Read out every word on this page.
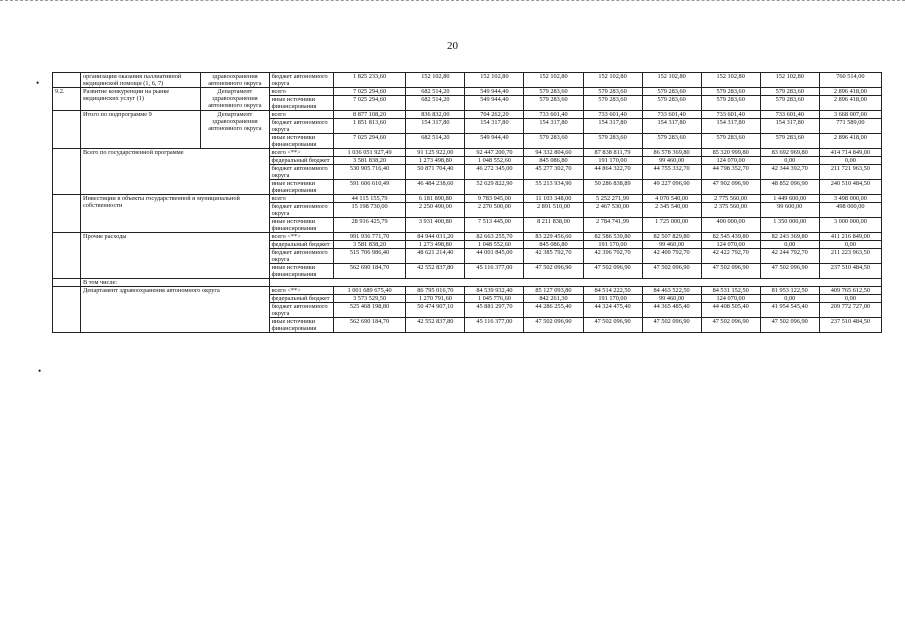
20
•
•
	организации оказания паллиативной медицинской помощи (1, 6, 7)	здравоохранения автономного округа	бюджет автономного округа	1 825 233,60	152 102,80	152 102,80	152 102,80	152 102,80	152 102,80	152 102,80	152 102,80	760 514,00
9.2.	Развитие конкуренции на рынке медицинских услуг (1)	Департамент здравоохранения автономного округа	всего	7 025 294,60	682 514,20	549 944,40	579 283,60	579 283,60	579 283,60	579 283,60	579 283,60	2 896 418,00
			иные источники финансирования	7 025 294,60	682 514,20	549 944,40	579 283,60	579 283,60	579 283,60	579 283,60	579 283,60	2 896 418,00
	Итого по подпрограмме 9	Департамент здравоохранения автономного округа	всего	8 877 108,20	836 832,00	704 262,20	733 601,40	733 601,40	733 601,40	733 601,40	733 601,40	3 668 007,00
			бюджет автономного округа	1 851 813,60	154 317,80	154 317,80	154 317,80	154 317,80	154 317,80	154 317,80	154 317,80	771 589,00
			иные источники финансирования	7 025 294,60	682 514,20	549 944,40	579 283,60	579 283,60	579 283,60	579 283,60	579 283,60	2 896 418,00
	Всего по государственной программе		всего <**>	1 036 051 927,49	91 125 922,00	92 447 200,70	94 332 804,60	87 838 811,79	86 578 369,80	85 320 999,80	83 692 969,80	414 714 849,00
			федеральный бюджет	3 581 838,20	1 273 498,80	1 048 552,60	845 086,80	191 170,00	99 460,00	124 070,00	0,00	0,00
			бюджет автономного округа	530 905 716,40	50 871 704,40	46 272 345,00	45 277 302,70	44 864 322,70	44 755 332,70	44 798 352,70	42 344 392,70	211 721 963,50
			иные источники финансирования	591 606 610,49	46 484 238,60	52 629 822,90	55 213 934,90	50 286 838,89	49 227 096,90	47 902 096,90	48 852 096,90	240 510 484,50
	Инвестиции в объекты государственной и муниципальной собственности		всего	44 115 155,79	6 181 890,80	9 783 945,00	11 103 348,00	5 252 271,99	4 070 540,00	2 775 560,00	1 449 600,00	3 498 000,00
			бюджет автономного округа	15 198 730,00	2 250 490,00	2 270 500,00	2 891 510,00	2 467 530,00	2 345 540,00	2 375 560,00	99 600,00	498 000,00
			иные источники финансирования	28 916 425,79	3 931 400,80	7 513 445,00	8 211 838,00	2 784 741,99	1 725 000,00	400 000,00	1 350 000,00	3 000 000,00
	Прочие расходы		всего <**>	991 936 771,70	84 944 031,20	82 663 255,70	83 229 456,60	82 586 539,80	82 507 829,80	82 545 439,80	82 243 369,80	411 216 849,00
			федеральный бюджет	3 581 838,20	1 273 498,80	1 048 552,60	845 086,80	191 170,00	99 460,00	124 070,00	0,00	0,00
			бюджет автономного округа	515 706 986,40	48 621 214,40	44 001 845,00	42 385 792,70	42 396 792,70	42 409 792,70	42 422 792,70	42 244 792,70	211 223 963,50
			иные источники финансирования	562 690 184,70	42 552 837,80	45 116 377,00	47 502 096,90	47 502 096,90	47 502 096,90	47 502 096,90	47 502 096,90	237 510 484,50
	В том числе:											
	Департамент здравоохранения автономного округа		всего <**>	1 001 689 675,40	86 795 016,70	84 539 932,40	85 127 093,80	84 514 222,50	84 463 522,50	84 531 152,50	81 953 122,50	409 765 612,50
			федеральный бюджет	3 573 529,50	1 270 791,60	1 045 776,60	842 261,30	191 170,00	99 460,00	124 070,00	0,00	0,00
			бюджет автономного округа	525 468 198,80	50 474 907,10	45 881 297,70	44 286 255,40	44 324 475,40	44 365 485,40	44 408 505,40	41 954 545,40	209 772 727,00
			иные источники финансирования	562 690 184,70	42 552 837,80	45 116 377,00	47 502 096,90	47 502 096,90	47 502 096,90	47 502 096,90	47 502 096,90	237 510 484,50
